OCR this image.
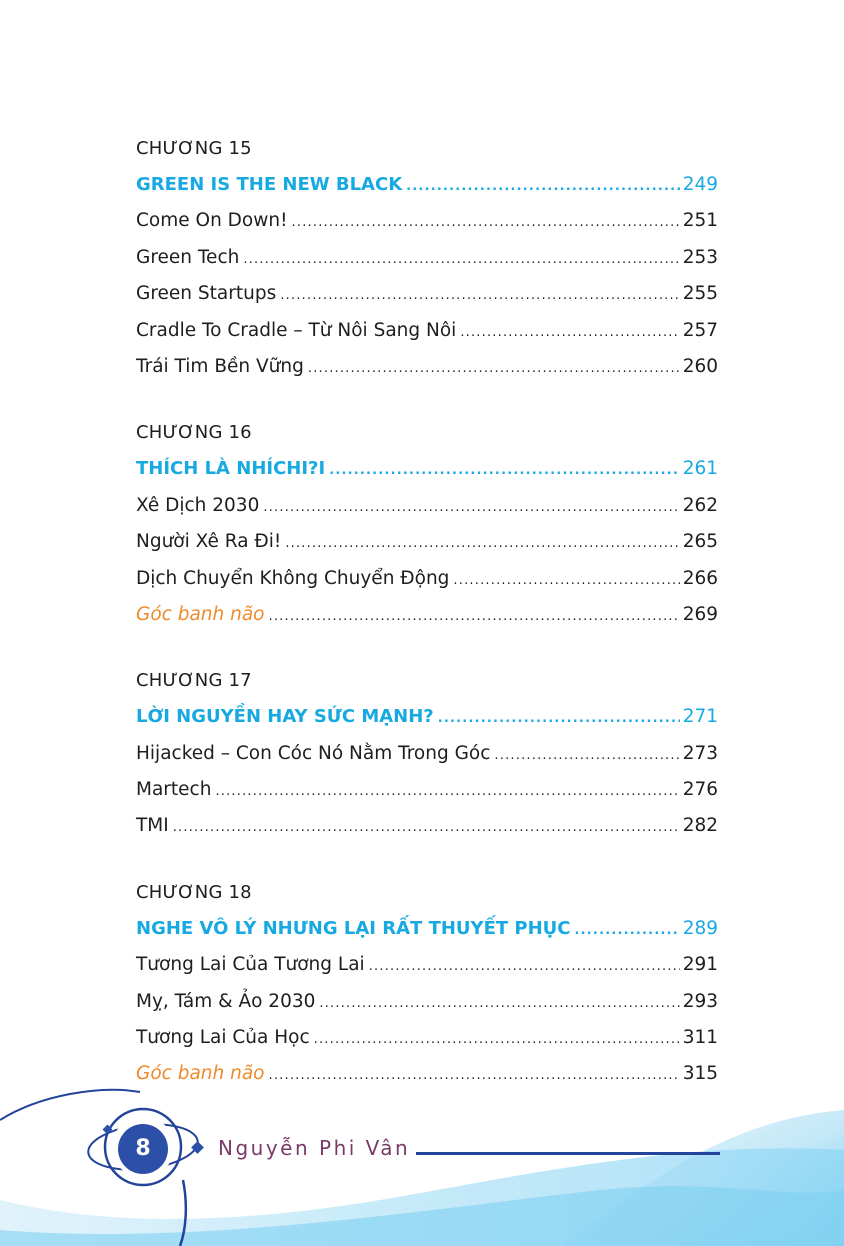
8	Nguyễn Phi Vân
CHƯƠNG 15
GREEN IS THE NEW BLACK .....	249
Come On Down! .....	251
Green Tech .....	253
Green Startups .....	255
Cradle To Cradle – Từ Nôi Sang Nôi .....	257
Trái Tim Bền Vững .....	260
CHƯƠNG 16
THÍCH LÀ NHÍCHI?I .....	261
Xê Dịch 2030 .....	262
Người Xê Ra Đi! .....	265
Dịch Chuyển Không Chuyển Động .....	266
Góc banh não .....	269
CHƯƠNG 17
LỜI NGUYỀN HAY SỨC MẠNH? .....	271
Hijacked – Con Cóc Nó Nằm Trong Góc .....	273
Martech .....	276
TMI .....	282
CHƯƠNG 18
NGHE VÔ LÝ NHƯNG LẠI RẤT THUYẾT PHỤC .....	289
Tương Lai Của Tương Lai .....	291
Mỵ, Tám & Ảo 2030 .....	293
Tương Lai Của Học .....	311
Góc banh não .....	315
